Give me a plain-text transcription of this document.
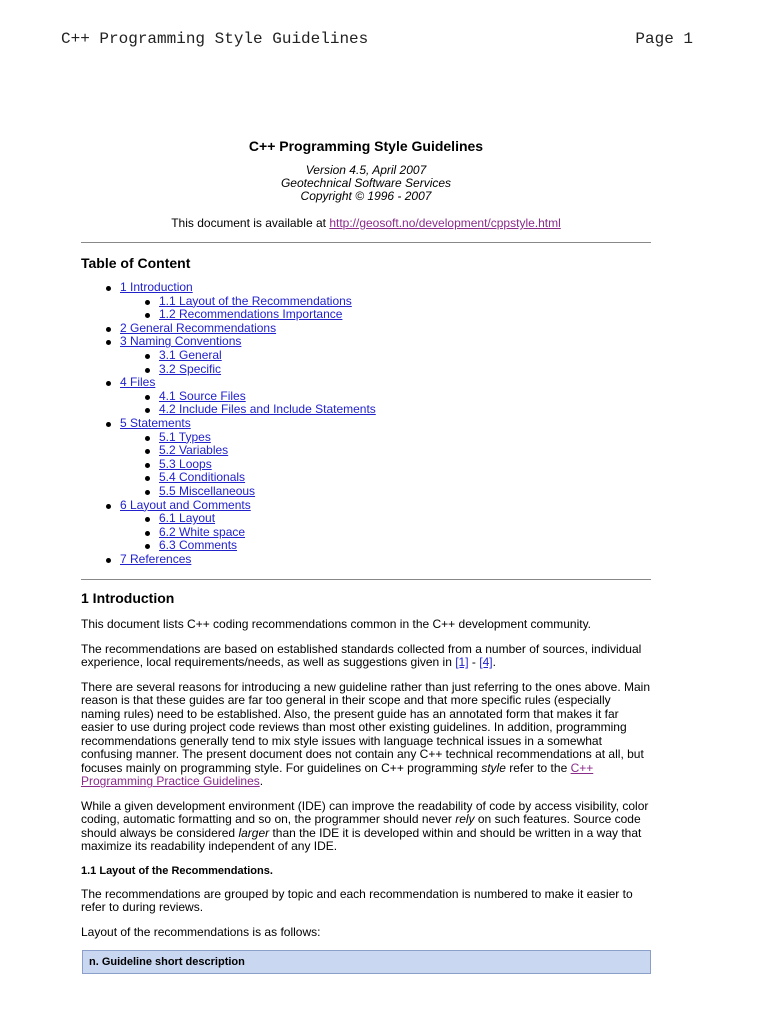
C++ Programming Style Guidelines	Page 1
C++ Programming Style Guidelines
Version 4.5, April 2007
Geotechnical Software Services
Copyright © 1996 - 2007
This document is available at http://geosoft.no/development/cppstyle.html
Table of Content
1 Introduction
1.1 Layout of the Recommendations
1.2 Recommendations Importance
2 General Recommendations
3 Naming Conventions
3.1 General
3.2 Specific
4 Files
4.1 Source Files
4.2 Include Files and Include Statements
5 Statements
5.1 Types
5.2 Variables
5.3 Loops
5.4 Conditionals
5.5 Miscellaneous
6 Layout and Comments
6.1 Layout
6.2 White space
6.3 Comments
7 References
1 Introduction

This document lists C++ coding recommendations common in the C++ development community.

The recommendations are based on established standards collected from a number of sources, individual experience, local requirements/needs, as well as suggestions given in [1] - [4].

There are several reasons for introducing a new guideline rather than just referring to the ones above. Main reason is that these guides are far too general in their scope and that more specific rules (especially naming rules) need to be established. Also, the present guide has an annotated form that makes it far easier to use during project code reviews than most other existing guidelines. In addition, programming recommendations generally tend to mix style issues with language technical issues in a somewhat confusing manner. The present document does not contain any C++ technical recommendations at all, but focuses mainly on programming style. For guidelines on C++ programming style refer to the C++ Programming Practice Guidelines.

While a given development environment (IDE) can improve the readability of code by access visibility, color coding, automatic formatting and so on, the programmer should never rely on such features. Source code should always be considered larger than the IDE it is developed within and should be written in a way that maximize its readability independent of any IDE.

1.1 Layout of the Recommendations.

The recommendations are grouped by topic and each recommendation is numbered to make it easier to refer to during reviews.

Layout of the recommendations is as follows:

n. Guideline short description
